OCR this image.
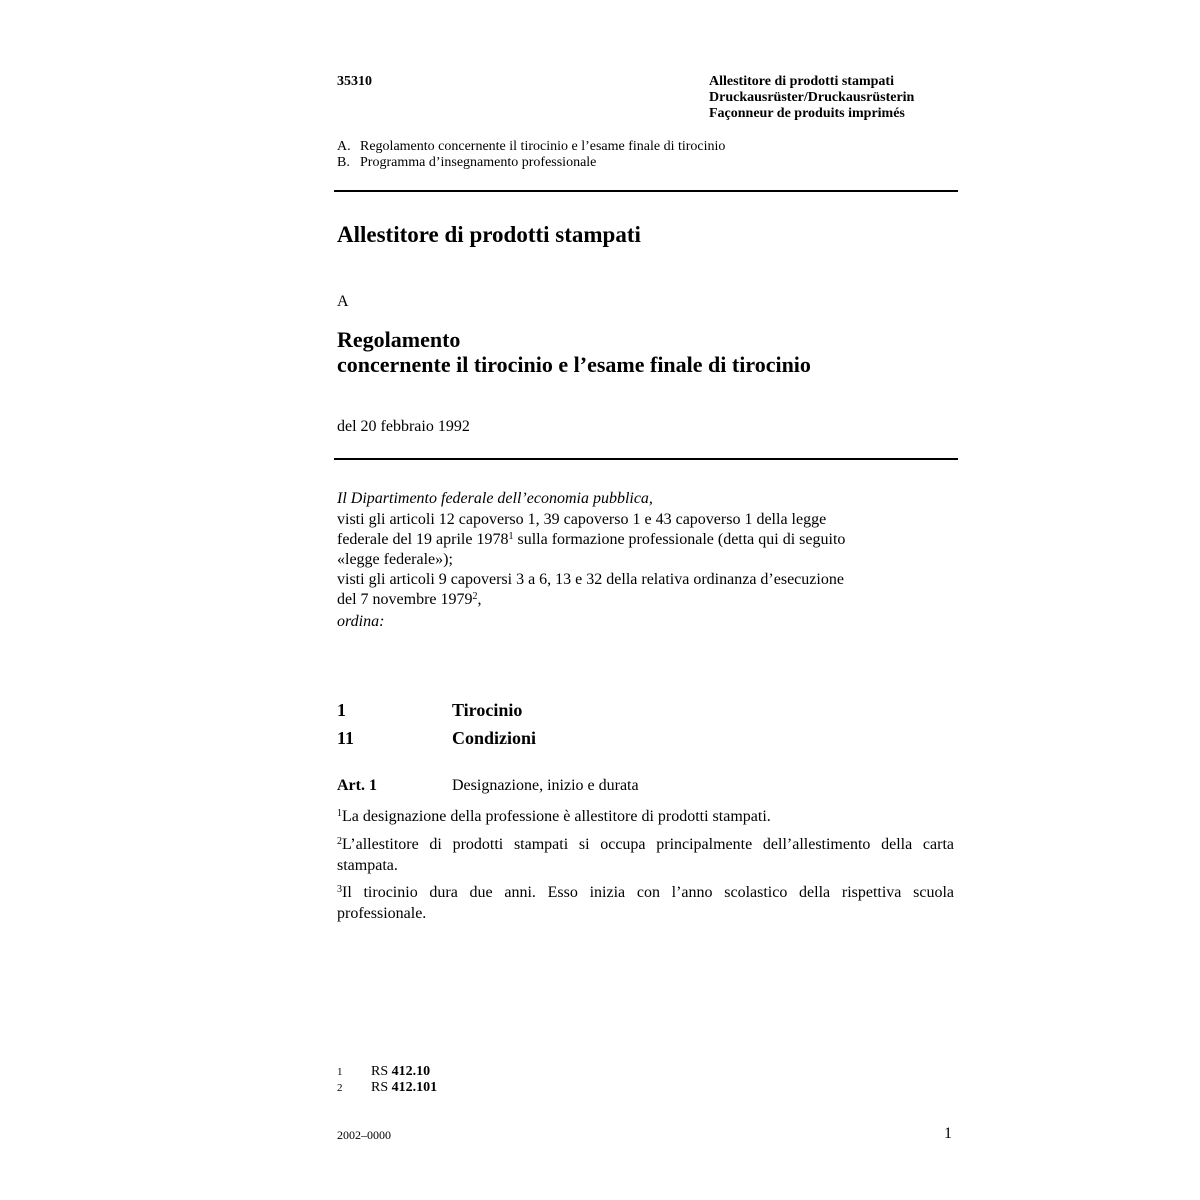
35310	Allestitore di prodotti stampati
Druckausrüster/Druckausrüsterin
Façonneur de produits imprimés
A. Regolamento concernente il tirocinio e l’esame finale di tirocinio
B. Programma d’insegnamento professionale
Allestitore di prodotti stampati
A
Regolamento
concernente il tirocinio e l’esame finale di tirocinio
del 20 febbraio 1992

Il Dipartimento federale dell’economia pubblica,

visti gli articoli 12 capoverso 1, 39 capoverso 1 e 43 capoverso 1 della legge

federale del 19 aprile 1978$^1$ sulla formazione professionale (detta qui di seguito

«legge federale»);

visti gli articoli 9 capoversi 3 a 6, 13 e 32 della relativa ordinanza d’esecuzione

del 7 novembre 1979$^2$,

ordina:

1	Tirocinio
11	Condizioni
Art. 1	Designazione, inizio e durata
$^1$La designazione della professione è allestitore di prodotti stampati.
$^2$L’allestitore di prodotti stampati si occupa principalmente dell’allestimento della carta stampata.
$^3$Il tirocinio dura due anni. Esso inizia con l’anno scolastico della rispettiva scuola professionale.
1	RS 412.10
2	RS 412.101
2002–0000	1
